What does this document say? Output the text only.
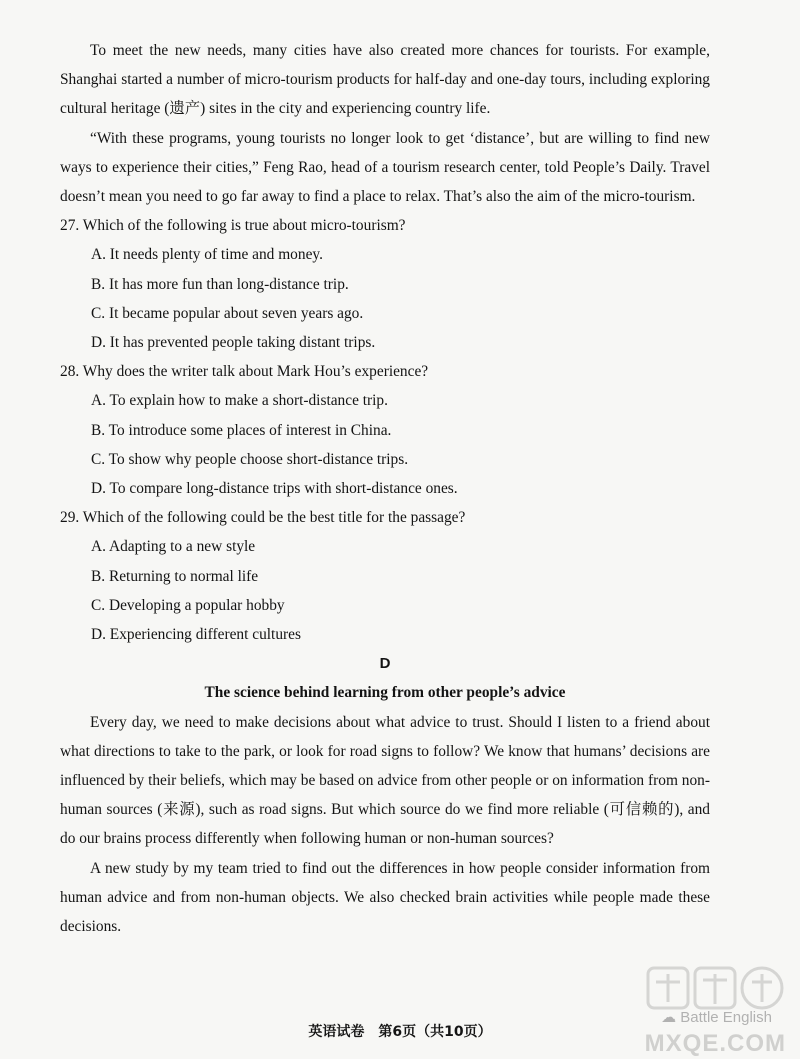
To meet the new needs, many cities have also created more chances for tourists. For example, Shanghai started a number of micro-tourism products for half-day and one-day tours, including exploring cultural heritage (遗产) sites in the city and experiencing country life.

“With these programs, young tourists no longer look to get ‘distance’, but are willing to find new ways to experience their cities,” Feng Rao, head of a tourism research center, told People’s Daily. Travel doesn’t mean you need to go far away to find a place to relax. That’s also the aim of the micro-tourism.

27. Which of the following is true about micro-tourism?

A. It needs plenty of time and money.
B. It has more fun than long-distance trip.
C. It became popular about seven years ago.
D. It has prevented people taking distant trips.

28. Why does the writer talk about Mark Hou’s experience?

A. To explain how to make a short-distance trip.
B. To introduce some places of interest in China.
C. To show why people choose short-distance trips.
D. To compare long-distance trips with short-distance ones.

29. Which of the following could be the best title for the passage?

A. Adapting to a new style
B. Returning to normal life
C. Developing a popular hobby
D. Experiencing different cultures
D
The science behind learning from other people’s advice

Every day, we need to make decisions about what advice to trust. Should I listen to a friend about what directions to take to the park, or look for road signs to follow? We know that humans’ decisions are influenced by their beliefs, which may be based on advice from other people or on information from non-human sources (来源), such as road signs. But which source do we find more reliable (可信赖的), and do our brains process differently when following human or non-human sources?

A new study by my team tried to find out the differences in how people consider information from human advice and from non-human objects. We also checked brain activities while people made these decisions.

英语试卷　第6页（共10页）
☁ Battle English
MXQE.COM
